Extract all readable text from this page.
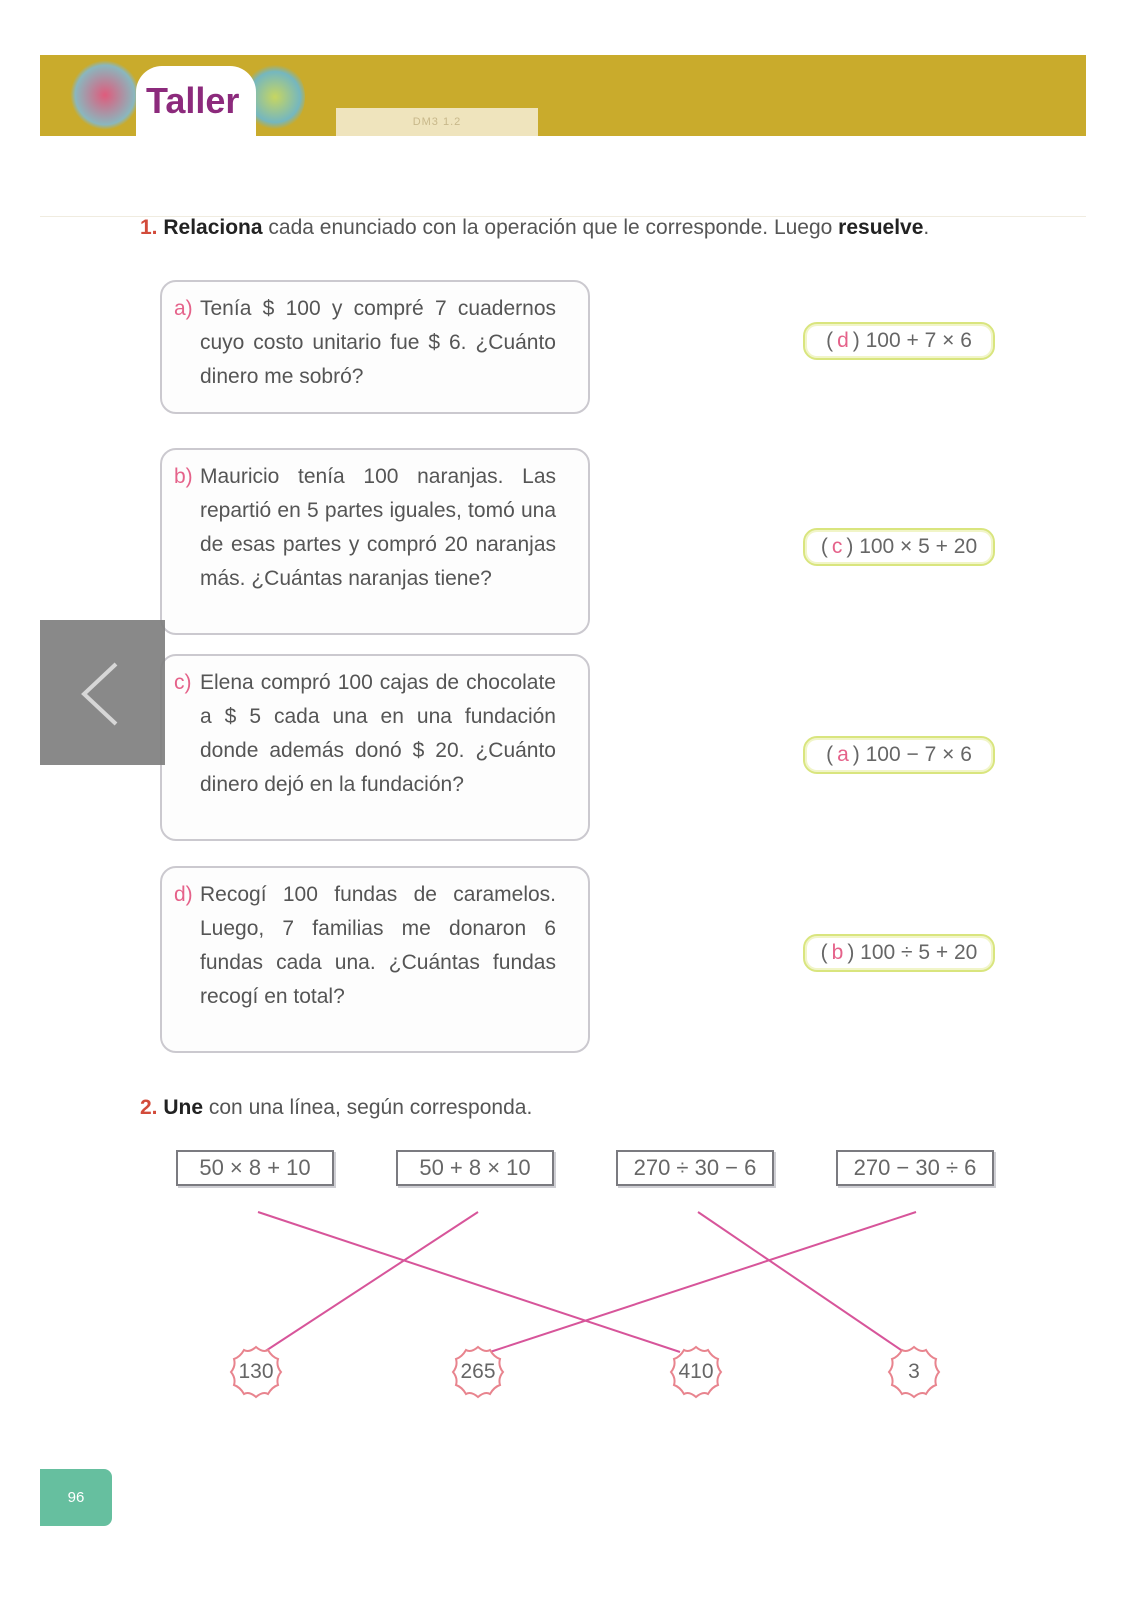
DM3 1.2
Taller
1. Relaciona cada enunciado con la operación que le corresponde. Luego resuelve.
a) Tenía $ 100 y compré 7 cuadernos cuyo costo unitario fue $ 6. ¿Cuánto dinero me sobró?
b) Mauricio tenía 100 naranjas. Las repartió en 5 partes iguales, tomó una de esas partes y compró 20 naranjas más. ¿Cuántas naranjas tiene?
c) Elena compró 100 cajas de chocolate a $ 5 cada una en una fundación donde además donó $ 20. ¿Cuánto dinero dejó en la fundación?
d) Recogí 100 fundas de caramelos. Luego, 7 familias me donaron 6 fundas cada una. ¿Cuántas fundas recogí en total?
( d ) 100 + 7 × 6
( c ) 100 × 5 + 20
( a ) 100 − 7 × 6
( b ) 100 ÷ 5 + 20
2. Une con una línea, según corresponda.
50 × 8 + 10	50 + 8 × 10	270 ÷ 30 − 6	270 − 30 ÷ 6
130	265	410	3
96
